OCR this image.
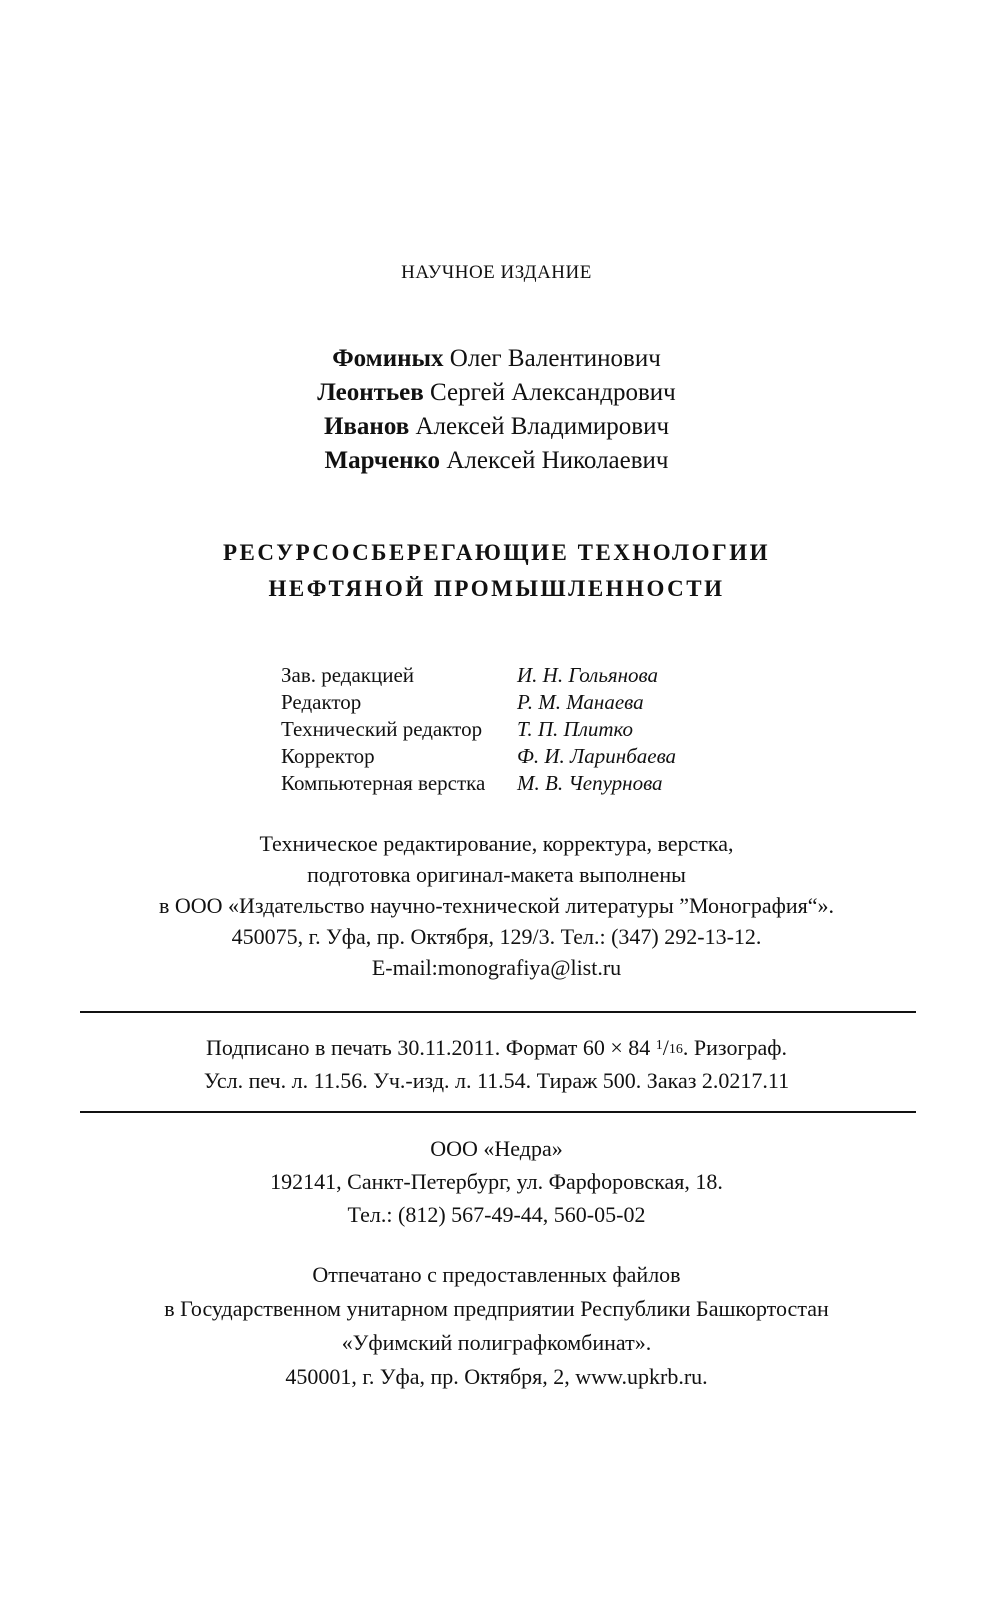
НАУЧНОЕ ИЗДАНИЕ
Фоминых Олег Валентинович
Леонтьев Сергей Александрович
Иванов Алексей Владимирович
Марченко Алексей Николаевич
РЕСУРСОСБЕРЕГАЮЩИЕ ТЕХНОЛОГИИ
НЕФТЯНОЙ ПРОМЫШЛЕННОСТИ
Зав. редакцией	И. Н. Гольянова
Редактор	Р. М. Манаева
Технический редактор	Т. П. Плитко
Корректор	Ф. И. Ларинбаева
Компьютерная верстка	М. В. Чепурнова
Техническое редактирование, корректура, верстка,
подготовка оригинал-макета выполнены
в ООО «Издательство научно-технической литературы ”Монография“».
450075, г. Уфа, пр. Октября, 129/3. Тел.: (347) 292-13-12.
E-mail:monografiya@list.ru
Подписано в печать 30.11.2011. Формат 60 × 84 $^1/_{16}$. Ризограф.
Усл. печ. л. 11.56. Уч.-изд. л. 11.54. Тираж 500. Заказ 2.0217.11
ООО «Недра»
192141, Санкт-Петербург, ул. Фарфоровская, 18.
Тел.: (812) 567-49-44, 560-05-02
Отпечатано с предоставленных файлов
в Государственном унитарном предприятии Республики Башкортостан
«Уфимский полиграфкомбинат».
450001, г. Уфа, пр. Октября, 2, www.upkrb.ru.
